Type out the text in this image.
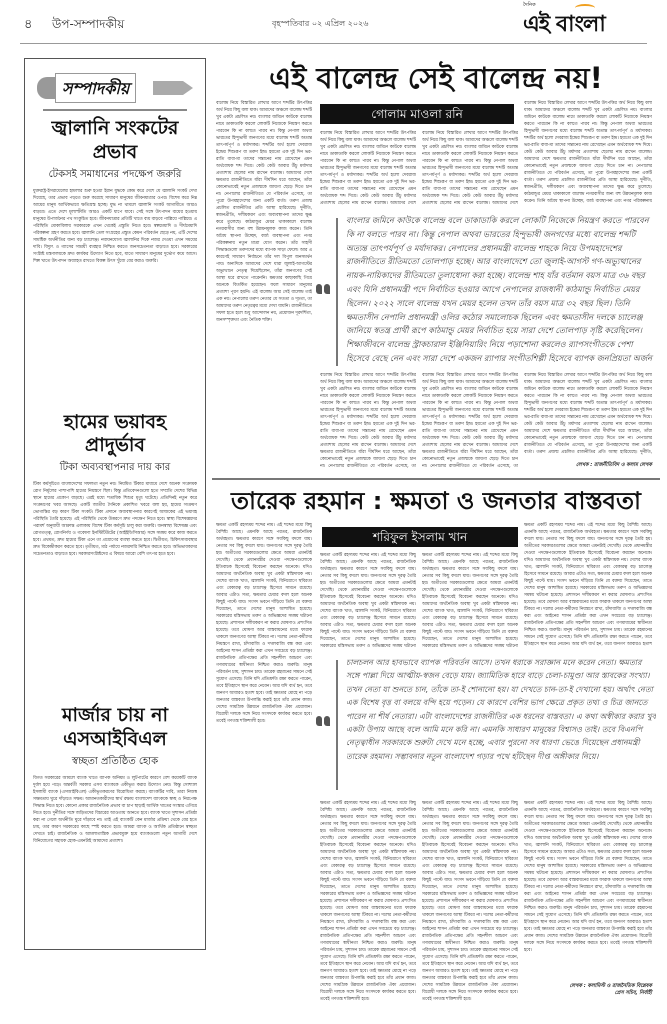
৪ উপ-সম্পাদকীয়	বৃহস্পতিবার ০২ এপ্রিল ২০২৬
দৈনিক
এই বাংলা
সম্পাদকীয়
জ্বালানি সংকটের প্রভাব
টেকসই সমাধানের পদক্ষেপ জরুরি
যুক্তরাষ্ট্র-ইসরায়েলের হামলার শুরু হওয়া ইরান যুদ্ধকে কেন্দ্র করে দেশে যে জ্বালানি সংকট দেখা দিয়েছে, তার প্রভাব পড়তে শুরু করেছে সাধারণ মানুষের জীবনযাত্রার ওপর। বিশেষ করে নিম্ন আয়ের মানুষ আর্থিকভাবে ক্ষতিগ্রস্ত হচ্ছে। যুদ্ধ না থামলে জ্বালানি সংকট আগামীতে আরও বাড়বে। এতে দেশে মূল্যস্ফীতি আরও একটি ধাপে যাবে। সেই সঙ্গে উৎপাদন ব্যয়ের হওয়ায় মানুষের উপার্জনের পথ সংকুচিত হবে। জীবনযাত্রার প্রতিটি খাতে ব্যয় বাড়বে পাল্লিয়ে পাল্লিয়ে। এ পরিস্থিতি মোকাবিলায় সরকারকে এখন থেকেই প্রস্তুতি নিতে হবে। স্বল্পমেয়াদি ও দীর্ঘমেয়াদি পরিকল্পনা গ্রহণ করতে হবে। জ্বালানি তেল সংগ্রহের প্রস্তুত কেমন পরিবর্তন ছেড়ে নয়, এটি দেশের সামষ্টিক অর্থনীতির জন্য বড় চ্যালেঞ্জ। নবায়নযোগ্য জ্বালানির দিকে নজর দেওয়া এখন সময়ের দাবি। বিদ্যুৎ ও গ্যাসের সাশ্রয়ী ব্যবহার নিশ্চিত করতে জনসচেতনতা বাড়াতে হবে। সরকারের সংশ্লিষ্ট মন্ত্রণালয়কে দ্রুত কার্যকর উদ্যোগ নিতে হবে, যাতে সাধারণ মানুষের দুর্ভোগ কমে আসে। শিল্প খাতে উৎপাদন অব্যাহত রাখতে বিকল্প উৎস খুঁজে বের করাও জরুরি।
হামের ভয়াবহ প্রাদুর্ভাব
টিকা অব্যবস্থাপনার দায় কার
টিকা কর্মসূচিতে বাংলাদেশের সফলতা নতুন নয়। নিয়মিত টিকার মাধ্যমে দেশে অনেক সংক্রামক রোগ নির্মূলের পাশাপাশি হামের নিয়ন্ত্রণে ছিল। কিন্তু প্রতিবেদনগুলো হতে সম্প্রতি দেশের বিভিন্ন স্থানে হামের প্রকোপ বাড়ছে। এরই মধ্যে শতাধিক শিশুর মৃত্যু ঘটেছে। প্রতিদিনই নতুন করে সংক্রমণের খবর আসছে। একটি জাতীয় দৈনিকে প্রকাশিত খবরে বলা হয়, হামের সংক্রমণ ভোগান্তির বড় কারণ টিকা সংকট। টিকা প্রদানে অব্যবস্থাপনার কারণেই আজকের এই ভয়াবহ পরিস্থিতি তৈরি হয়েছে। এই পরিস্থিতি থেকে উত্তরণে দ্রুত পদক্ষেপ নিতে হবে। স্বাস্থ্য বিশেষজ্ঞদের পরামর্শ অনুযায়ী আক্রান্ত এলাকায় বিশেষ টিকা কর্মসূচি চালু করা জরুরি। জনস্বাস্থ্য বিশেষজ্ঞ এবং রোগতত্ত্ব, রোগনির্ণয় ও গবেষণা ইনস্টিটিউটের (আইইডিসিআর) সঙ্গে সমন্বয় করে কাজ করতে হবে। প্রথমত, দ্রুত হামের টিকা এনে তা প্রয়োগের ব্যবস্থা করতে হবে। দ্বিতীয়ত, চিকিৎসাব্যবস্থার দ্রুত বিকেন্দ্রীকরণ করতে হবে। তৃতীয়ত, মাঠ পর্যায়ে নজরদারি নিশ্চিত করতে হবে। অভিভাবকদের সচেতনতাও বাড়াতে হবে। সরকারসংশ্লিষ্টদের এ বিষয়ে আরো বেশি তৎপর হতে হবে।
মার্জার চায় না এসআইবিএল
স্বচ্ছতা প্রতিষ্ঠিত হোক
বিগত সরকারের আমলে ব্যাংক খাতে ব্যাপক অনিয়ম ও লুটপাটের কারণে বেশ কয়েকটি ব্যাংক দুর্বল হয়ে পড়ে। অন্তর্বর্তী সরকার এসব ব্যাংককে একীভূত করার উদ্যোগ নেয়। কিন্তু সোশ্যাল ইসলামী ব্যাংক (এসআইবিএল) একীভূতকরণের বিরোধিতা করছে। ব্যাংকটির দাবি, তারা নিজস্ব সক্ষমতায় ঘুরে দাঁড়াতে সক্ষম। আমানতকারীদের স্বার্থ রক্ষায় বাংলাদেশ ব্যাংককে স্বচ্ছ ও নিরপেক্ষ সিদ্ধান্ত নিতে হবে। কোনো প্রকার রাজনৈতিক প্রভাব বা চাপ ছাড়াই আর্থিক খাতের সংস্কার এগিয়ে নিতে হবে। দুর্নীতির সঙ্গে জড়িতদের বিচারের আওতায় আনতে হবে। ব্যাংক খাতে সুশাসন প্রতিষ্ঠা করা না গেলে অর্থনীতি ঘুরে দাঁড়াবে না। তাই এই ব্যাংকটি কেন মার্জার প্রক্রিয়া থেকে বের হতে চায়, তার কারণ সরকারের কাছে স্পষ্ট করতে হবে। আমরা ব্যাংক ও আর্থিক প্রতিষ্ঠানে স্বচ্ছতা দেখতে চাই। রাজনৈতিক ও আমলাতান্ত্রিক প্রভাবমুক্ত হয়ে ব্যাংকগুলো নতুন আগামী দেশে বিনিয়োগের সহায়ক হোক-এমনটাই আমাদের প্রত্যাশা।
এই বালেন্দ্র সেই বালেন্দ্র নয়!
গোলাম মাওলা রনি
বালেন্দ্র নিয়ে বিস্তারিত লেখার আগে শব্দটির উৎপত্তির অর্থ নিয়ে কিছু বলা যাক। আমাদের অঞ্চলে বালেন্দ্র শব্দটি খুব একটা প্রচলিত নয়। বাংলার জমিনে কাউকে বালেন্দ্র নামে ডাকাডাকি করলে লোকটি নিজেকে নিয়ন্ত্রণ করতে পারবেন কি না বলতে পারব না। কিন্তু নেপাল অথবা ভারতের হিন্দুভাষী জনগণের মধ্যে বালেন্দ্র শব্দটি অত্যন্ত তাৎপর্যপূর্ণ ও মর্যাদাকর। শব্দটির অর্থ হলো দেবরাজ ইন্দ্রের শিশুরূপ বা তরুণ ইন্দ্র। হয়তো এক দুই দিন ভর-রাতি বাবা-মা তাদের সন্তানের নাম রেখেছেন এমন অর্থবোধক শব্দ দিয়ে। কেউ কেউ আবার উঁচু মর্যাদার প্রত্যাশায় ছেলের নাম রাখেন বালেন্দ্র। আমাদের দেশে ক্ষমতার রাজনীতিতে যাঁরা দীর্ঘদিন ধরে আছেন, তাঁরা কোনোভাবেই নতুন প্রজন্মকে জায়গা ছেড়ে দিতে চান না। নেপালের রাজনীতিতে যে পরিবর্তন এসেছে, তা পুরো উপমহাদেশের জন্য একটি বার্তা। তরুণ প্রজন্ম প্রচলিত রাজনীতির প্রতি আস্থা হারিয়েছে। দুর্নীতি, স্বজনপ্রীতি, দলীয়করণ এবং অব্যবস্থাপনা তাদের ক্ষুব্ধ করে তুলেছে। কাঠমান্ডুর মেয়র থাকাকালে বালেন্দ্র নগরবাসীর জন্য বহু উন্নয়নমূলক কাজ করেন। তিনি অবৈধ স্থাপনা উচ্ছেদ, বর্জ্য ব্যবস্থাপনা এবং নগর পরিকল্পনায় নতুন মাত্রা যোগ করেন। তাঁর সাহসী সিদ্ধান্তগুলো তরুণদের মধ্যে ব্যাপক সাড়া ফেলে। আর এ কারণেই সাধারণ নির্বাচনে তাঁর দল বিপুল জনসমর্থন পায়। অন্যদিকে আমাদের দেশে যারা জুলাই-আগস্টের অভ্যুত্থানে নেতৃত্ব দিয়েছিলেন, তাঁরা জনগণের সেই আস্থা ধরে রাখতে পারেননি। ক্ষমতার কাছাকাছি গিয়ে অনেকে বিতর্কিত হয়েছেন। ফলে সাধারণ মানুষের প্রত্যাশা পূরণ হয়নি। এই বালেন্দ্র আর সেই বালেন্দ্র তাই এক নয়। নেপালের তরুণ নেতার যে সততা ও দৃঢ়তা, তা আমাদের তরুণ নেতৃত্বের মধ্যে দেখা যায়নি। রাজনীতিতে সফল হতে হলে শুধু আন্দোলন নয়, প্রয়োজন দূরদর্শিতা, জনসম্পৃক্ততা এবং নৈতিক শক্তি।
বালেন্দ্র নিয়ে বিস্তারিত লেখার আগে শব্দটির উৎপত্তির অর্থ নিয়ে কিছু বলা যাক। আমাদের অঞ্চলে বালেন্দ্র শব্দটি খুব একটা প্রচলিত নয়। বাংলার জমিনে কাউকে বালেন্দ্র নামে ডাকাডাকি করলে লোকটি নিজেকে নিয়ন্ত্রণ করতে পারবেন কি না বলতে পারব না। কিন্তু নেপাল অথবা ভারতের হিন্দুভাষী জনগণের মধ্যে বালেন্দ্র শব্দটি অত্যন্ত তাৎপর্যপূর্ণ ও মর্যাদাকর। শব্দটির অর্থ হলো দেবরাজ ইন্দ্রের শিশুরূপ বা তরুণ ইন্দ্র। হয়তো এক দুই দিন ভর-রাতি বাবা-মা তাদের সন্তানের নাম রেখেছেন এমন অর্থবোধক শব্দ দিয়ে। কেউ কেউ আবার উঁচু মর্যাদার প্রত্যাশায় ছেলের নাম রাখেন বালেন্দ্র। আমাদের দেশে
বালেন্দ্র নিয়ে বিস্তারিত লেখার আগে শব্দটির উৎপত্তির অর্থ নিয়ে কিছু বলা যাক। আমাদের অঞ্চলে বালেন্দ্র শব্দটি খুব একটা প্রচলিত নয়। বাংলার জমিনে কাউকে বালেন্দ্র নামে ডাকাডাকি করলে লোকটি নিজেকে নিয়ন্ত্রণ করতে পারবেন কি না বলতে পারব না। কিন্তু নেপাল অথবা ভারতের হিন্দুভাষী জনগণের মধ্যে বালেন্দ্র শব্দটি অত্যন্ত তাৎপর্যপূর্ণ ও মর্যাদাকর। শব্দটির অর্থ হলো দেবরাজ ইন্দ্রের শিশুরূপ বা তরুণ ইন্দ্র। হয়তো এক দুই দিন ভর-রাতি বাবা-মা তাদের সন্তানের নাম রেখেছেন এমন অর্থবোধক শব্দ দিয়ে। কেউ কেউ আবার উঁচু মর্যাদার প্রত্যাশায় ছেলের নাম রাখেন বালেন্দ্র। আমাদের দেশে
বালেন্দ্র নিয়ে বিস্তারিত লেখার আগে শব্দটির উৎপত্তির অর্থ নিয়ে কিছু বলা যাক। আমাদের অঞ্চলে বালেন্দ্র শব্দটি খুব একটা প্রচলিত নয়। বাংলার জমিনে কাউকে বালেন্দ্র নামে ডাকাডাকি করলে লোকটি নিজেকে নিয়ন্ত্রণ করতে পারবেন কি না বলতে পারব না। কিন্তু নেপাল অথবা ভারতের হিন্দুভাষী জনগণের মধ্যে বালেন্দ্র শব্দটি অত্যন্ত তাৎপর্যপূর্ণ ও মর্যাদাকর। শব্দটির অর্থ হলো দেবরাজ ইন্দ্রের শিশুরূপ বা তরুণ ইন্দ্র। হয়তো এক দুই দিন ভর-রাতি বাবা-মা তাদের সন্তানের নাম রেখেছেন এমন অর্থবোধক শব্দ দিয়ে। কেউ কেউ আবার উঁচু মর্যাদার প্রত্যাশায় ছেলের নাম রাখেন বালেন্দ্র। আমাদের দেশে ক্ষমতার রাজনীতিতে যাঁরা দীর্ঘদিন ধরে আছেন, তাঁরা কোনোভাবেই নতুন প্রজন্মকে জায়গা ছেড়ে দিতে চান না। নেপালের রাজনীতিতে যে পরিবর্তন এসেছে, তা পুরো উপমহাদেশের জন্য একটি বার্তা। তরুণ প্রজন্ম প্রচলিত রাজনীতির প্রতি আস্থা হারিয়েছে। দুর্নীতি, স্বজনপ্রীতি, দলীয়করণ এবং অব্যবস্থাপনা তাদের ক্ষুব্ধ করে তুলেছে। কাঠমান্ডুর মেয়র থাকাকালে বালেন্দ্র নগরবাসীর জন্য বহু উন্নয়নমূলক কাজ করেন। তিনি অবৈধ স্থাপনা উচ্ছেদ, বর্জ্য ব্যবস্থাপনা এবং নগর পরিকল্পনায়
বাংলার জমিনে কাউকে বালেন্দ্র বলে ডাকাডাকি করলে লোকটি নিজেকে নিয়ন্ত্রণ করতে পারবেন কি না বলতে পারব না। কিন্তু নেপাল অথবা ভারতের হিন্দুভাষী জনগণের মধ্যে বালেন্দ্র শব্দটি অত্যন্ত তাৎপর্যপূর্ণ ও মর্যাদাকর। নেপালের প্রধানমন্ত্রী বালেন্দ্র শাহকে নিয়ে উপমহাদেশের রাজনীতিতে রীতিমতো তোলপাড় হচ্ছে। আর বাংলাদেশে তো জুলাই-আগস্ট গণ-অভ্যুত্থানের নায়ক-নায়িকাদের রীতিমতো তুলাধোনা করা হচ্ছে। বালেন্দ্র শাহ যাঁর বর্তমান বয়স মাত্র ৩৬ বছর এবং যিনি প্রধানমন্ত্রী পদে নির্বাচিত হওয়ার আগে নেপালের রাজধানী কাঠমান্ডু নির্বাচিত মেয়র ছিলেন। ২০২২ সালে বালেন্দ্র যখন মেয়র হলেন তখন তাঁর বয়স মাত্র ৩২ বছর ছিল। তিনি ক্ষমতাসীন নেপালি প্রধানমন্ত্রী ওলির কঠোর সমালোচক ছিলেন এবং ক্ষমতাসীন দলকে চ্যালেঞ্জ জানিয়ে স্বতন্ত্র প্রার্থী রূপে কাঠমান্ডু মেয়র নির্বাচিত হয়ে সারা দেশে তোলপাড় সৃষ্টি করেছিলেন। শিক্ষাজীবনে বালেন্দ্র স্ট্রাকচারাল ইঞ্জিনিয়ারিং নিয়ে পড়াশোনা করলেও র‍্যাপসংগীতকে পেশা হিসেবে বেছে নেন এবং সারা দেশে একজন র‍্যাপার সংগীতশিল্পী হিসেবে ব্যাপক জনপ্রিয়তা অর্জন
বালেন্দ্র নিয়ে বিস্তারিত লেখার আগে শব্দটির উৎপত্তির অর্থ নিয়ে কিছু বলা যাক। আমাদের অঞ্চলে বালেন্দ্র শব্দটি খুব একটা প্রচলিত নয়। বাংলার জমিনে কাউকে বালেন্দ্র নামে ডাকাডাকি করলে লোকটি নিজেকে নিয়ন্ত্রণ করতে পারবেন কি না বলতে পারব না। কিন্তু নেপাল অথবা ভারতের হিন্দুভাষী জনগণের মধ্যে বালেন্দ্র শব্দটি অত্যন্ত তাৎপর্যপূর্ণ ও মর্যাদাকর। শব্দটির অর্থ হলো দেবরাজ ইন্দ্রের শিশুরূপ বা তরুণ ইন্দ্র। হয়তো এক দুই দিন ভর-রাতি বাবা-মা তাদের সন্তানের নাম রেখেছেন এমন অর্থবোধক শব্দ দিয়ে। কেউ কেউ আবার উঁচু মর্যাদার প্রত্যাশায় ছেলের নাম রাখেন বালেন্দ্র। আমাদের দেশে ক্ষমতার রাজনীতিতে যাঁরা দীর্ঘদিন ধরে আছেন, তাঁরা কোনোভাবেই নতুন প্রজন্মকে জায়গা ছেড়ে দিতে চান না। নেপালের রাজনীতিতে যে পরিবর্তন এসেছে, তা
বালেন্দ্র নিয়ে বিস্তারিত লেখার আগে শব্দটির উৎপত্তির অর্থ নিয়ে কিছু বলা যাক। আমাদের অঞ্চলে বালেন্দ্র শব্দটি খুব একটা প্রচলিত নয়। বাংলার জমিনে কাউকে বালেন্দ্র নামে ডাকাডাকি করলে লোকটি নিজেকে নিয়ন্ত্রণ করতে পারবেন কি না বলতে পারব না। কিন্তু নেপাল অথবা ভারতের হিন্দুভাষী জনগণের মধ্যে বালেন্দ্র শব্দটি অত্যন্ত তাৎপর্যপূর্ণ ও মর্যাদাকর। শব্দটির অর্থ হলো দেবরাজ ইন্দ্রের শিশুরূপ বা তরুণ ইন্দ্র। হয়তো এক দুই দিন ভর-রাতি বাবা-মা তাদের সন্তানের নাম রেখেছেন এমন অর্থবোধক শব্দ দিয়ে। কেউ কেউ আবার উঁচু মর্যাদার প্রত্যাশায় ছেলের নাম রাখেন বালেন্দ্র। আমাদের দেশে ক্ষমতার রাজনীতিতে যাঁরা দীর্ঘদিন ধরে আছেন, তাঁরা কোনোভাবেই নতুন প্রজন্মকে জায়গা ছেড়ে দিতে চান না। নেপালের রাজনীতিতে যে পরিবর্তন এসেছে, তা
বালেন্দ্র নিয়ে বিস্তারিত লেখার আগে শব্দটির উৎপত্তির অর্থ নিয়ে কিছু বলা যাক। আমাদের অঞ্চলে বালেন্দ্র শব্দটি খুব একটা প্রচলিত নয়। বাংলার জমিনে কাউকে বালেন্দ্র নামে ডাকাডাকি করলে লোকটি নিজেকে নিয়ন্ত্রণ করতে পারবেন কি না বলতে পারব না। কিন্তু নেপাল অথবা ভারতের হিন্দুভাষী জনগণের মধ্যে বালেন্দ্র শব্দটি অত্যন্ত তাৎপর্যপূর্ণ ও মর্যাদাকর। শব্দটির অর্থ হলো দেবরাজ ইন্দ্রের শিশুরূপ বা তরুণ ইন্দ্র। হয়তো এক দুই দিন ভর-রাতি বাবা-মা তাদের সন্তানের নাম রেখেছেন এমন অর্থবোধক শব্দ দিয়ে। কেউ কেউ আবার উঁচু মর্যাদার প্রত্যাশায় ছেলের নাম রাখেন বালেন্দ্র। আমাদের দেশে ক্ষমতার রাজনীতিতে যাঁরা দীর্ঘদিন ধরে আছেন, তাঁরা কোনোভাবেই নতুন প্রজন্মকে জায়গা ছেড়ে দিতে চান না। নেপালের রাজনীতিতে যে পরিবর্তন এসেছে, তা পুরো উপমহাদেশের জন্য একটি বার্তা। তরুণ প্রজন্ম প্রচলিত রাজনীতির প্রতি আস্থা হারিয়েছে। দুর্নীতি,
লেখক : রাজনীতিবিদ ও কলাম লেখক
তারেক রহমান : ক্ষমতা ও জনতার বাস্তবতা
শরিফুল ইসলাম খান
ক্ষমতা একটি রহস্যময় শব্দের নাম। এই শব্দের মধ্যে কিছু বৈশিষ্ট্য আছে। এমনকি আছে পরতর, রাজনৈতিক অর্থবহতা। ক্ষমতার কারণে সঙ্গে সবকিছু বদলে যায়। নেতার সব কিছু বদলে যায়। জনগণের সঙ্গে দূরত্ব তৈরি হয়। অতীতের সরকারগুলোর ক্ষেত্রে আমরা এমনটাই দেখেছি। থেকে প্রধানমন্ত্রীর দেওয়া পদক্ষেপগুলোকে ইতিবাচক হিসেবেই বিবেচনা করছেন অনেকে। যদিও আমাদের অর্থনৈতিক অবস্থা খুব একটা স্বস্তিদায়ক নয়। দেশের ব্যাংক খাত, জ্বালানি সংকট, বিনিয়োগে স্থবিরতা এবং বেকারত্ব বড় চ্যালেঞ্জ হিসেবে সামনে রয়েছে। আবার এটাও সত্য, ক্ষমতার চেয়ার বদল হলে অনেক কিছুই পাল্টে যায়। সংসদ ভবনে দাঁড়িয়ে তিনি যে বক্তব্য দিয়েছেন, তাতে দেশের মানুষ আশান্বিত হয়েছে। সরকারের মন্ত্রিসভায় তরুণ ও অভিজ্ঞদের সমন্বয় ঘটানো হয়েছে। প্রশাসনে দলীয়করণ না করার ঘোষণাও প্রশংসিত হয়েছে। তবে ঘোষণা আর বাস্তবায়নের মধ্যে ফারাক থাকলে জনগণের আস্থা টিকবে না। দলের নেতা-কর্মীদের নিয়ন্ত্রণে রাখা, চাঁদাবাজি ও দখলবাজি বন্ধ করা এবং আইনের শাসন প্রতিষ্ঠা করা এখন সবচেয়ে বড় চ্যালেঞ্জ। রাজনৈতিক প্রতিপক্ষের প্রতি সহনশীল আচরণ এবং গণমাধ্যমের স্বাধীনতা নিশ্চিত করাও জরুরি। মানুষ পরিবর্তন চায়, সুশাসন চায়। তারেক রহমানের সামনে সেই সুযোগ এসেছে। তিনি যদি প্রতিশ্রুতি রক্ষা করতে পারেন, তবে ইতিহাসে স্থান করে নেবেন। আর যদি ব্যর্থ হন, তবে জনগণ আবারও হতাশ হবে। তাই ক্ষমতার মোহে না পড়ে জনতার বাস্তবতা উপলব্ধি করাই হবে তাঁর প্রধান কাজ। দেশের সামগ্রিক উন্নয়নে রাজনৈতিক ঐক্য প্রয়োজন। বিরোধী দলকে সঙ্গে নিয়ে সংসদকে কার্যকর করতে হবে। তবেই গণতন্ত্র শক্তিশালী হবে।
ক্ষমতা একটি রহস্যময় শব্দের নাম। এই শব্দের মধ্যে কিছু বৈশিষ্ট্য আছে। এমনকি আছে পরতর, রাজনৈতিক অর্থবহতা। ক্ষমতার কারণে সঙ্গে সবকিছু বদলে যায়। নেতার সব কিছু বদলে যায়। জনগণের সঙ্গে দূরত্ব তৈরি হয়। অতীতের সরকারগুলোর ক্ষেত্রে আমরা এমনটাই দেখেছি। থেকে প্রধানমন্ত্রীর দেওয়া পদক্ষেপগুলোকে ইতিবাচক হিসেবেই বিবেচনা করছেন অনেকে। যদিও আমাদের অর্থনৈতিক অবস্থা খুব একটা স্বস্তিদায়ক নয়। দেশের ব্যাংক খাত, জ্বালানি সংকট, বিনিয়োগে স্থবিরতা এবং বেকারত্ব বড় চ্যালেঞ্জ হিসেবে সামনে রয়েছে। আবার এটাও সত্য, ক্ষমতার চেয়ার বদল হলে অনেক কিছুই পাল্টে যায়। সংসদ ভবনে দাঁড়িয়ে তিনি যে বক্তব্য দিয়েছেন, তাতে দেশের মানুষ আশান্বিত হয়েছে। সরকারের মন্ত্রিসভায় তরুণ ও অভিজ্ঞদের সমন্বয় ঘটানো
ক্ষমতা একটি রহস্যময় শব্দের নাম। এই শব্দের মধ্যে কিছু বৈশিষ্ট্য আছে। এমনকি আছে পরতর, রাজনৈতিক অর্থবহতা। ক্ষমতার কারণে সঙ্গে সবকিছু বদলে যায়। নেতার সব কিছু বদলে যায়। জনগণের সঙ্গে দূরত্ব তৈরি হয়। অতীতের সরকারগুলোর ক্ষেত্রে আমরা এমনটাই দেখেছি। থেকে প্রধানমন্ত্রীর দেওয়া পদক্ষেপগুলোকে ইতিবাচক হিসেবেই বিবেচনা করছেন অনেকে। যদিও আমাদের অর্থনৈতিক অবস্থা খুব একটা স্বস্তিদায়ক নয়। দেশের ব্যাংক খাত, জ্বালানি সংকট, বিনিয়োগে স্থবিরতা এবং বেকারত্ব বড় চ্যালেঞ্জ হিসেবে সামনে রয়েছে। আবার এটাও সত্য, ক্ষমতার চেয়ার বদল হলে অনেক কিছুই পাল্টে যায়। সংসদ ভবনে দাঁড়িয়ে তিনি যে বক্তব্য দিয়েছেন, তাতে দেশের মানুষ আশান্বিত হয়েছে। সরকারের মন্ত্রিসভায় তরুণ ও অভিজ্ঞদের সমন্বয় ঘটানো
ক্ষমতা একটি রহস্যময় শব্দের নাম। এই শব্দের মধ্যে কিছু বৈশিষ্ট্য আছে। এমনকি আছে পরতর, রাজনৈতিক অর্থবহতা। ক্ষমতার কারণে সঙ্গে সবকিছু বদলে যায়। নেতার সব কিছু বদলে যায়। জনগণের সঙ্গে দূরত্ব তৈরি হয়। অতীতের সরকারগুলোর ক্ষেত্রে আমরা এমনটাই দেখেছি। থেকে প্রধানমন্ত্রীর দেওয়া পদক্ষেপগুলোকে ইতিবাচক হিসেবেই বিবেচনা করছেন অনেকে। যদিও আমাদের অর্থনৈতিক অবস্থা খুব একটা স্বস্তিদায়ক নয়। দেশের ব্যাংক খাত, জ্বালানি সংকট, বিনিয়োগে স্থবিরতা এবং বেকারত্ব বড় চ্যালেঞ্জ হিসেবে সামনে রয়েছে। আবার এটাও সত্য, ক্ষমতার চেয়ার বদল হলে অনেক কিছুই পাল্টে যায়। সংসদ ভবনে দাঁড়িয়ে তিনি যে বক্তব্য দিয়েছেন, তাতে দেশের মানুষ আশান্বিত হয়েছে। সরকারের মন্ত্রিসভায় তরুণ ও অভিজ্ঞদের সমন্বয় ঘটানো হয়েছে। প্রশাসনে দলীয়করণ না করার ঘোষণাও প্রশংসিত হয়েছে। তবে ঘোষণা আর বাস্তবায়নের মধ্যে ফারাক থাকলে জনগণের আস্থা টিকবে না। দলের নেতা-কর্মীদের নিয়ন্ত্রণে রাখা, চাঁদাবাজি ও দখলবাজি বন্ধ করা এবং আইনের শাসন প্রতিষ্ঠা করা এখন সবচেয়ে বড় চ্যালেঞ্জ। রাজনৈতিক প্রতিপক্ষের প্রতি সহনশীল আচরণ এবং গণমাধ্যমের স্বাধীনতা নিশ্চিত করাও জরুরি। মানুষ পরিবর্তন চায়, সুশাসন চায়। তারেক রহমানের সামনে সেই সুযোগ এসেছে। তিনি যদি প্রতিশ্রুতি রক্ষা করতে পারেন, তবে ইতিহাসে স্থান করে নেবেন। আর যদি ব্যর্থ হন, তবে জনগণ আবারও হতাশ
চালচলন আর হাবভাবে ব্যাপক পরিবর্তন আসে। তখন ধরাকে সরাজ্ঞান মনে করেন নেতা। ক্ষমতার সঙ্গে পাল্লা দিয়ে আত্মীয়-স্বজন বেড়ে যায়। জ্যামিতিক হারে বাড়ে চেলা-চামুণ্ডা আর স্তাবকের সংখ্যা। তখন নেতা যা শুনতে চান, তাঁকে তা-ই শোনানো হয়। যা দেখতে চান-তা-ই দেখানো হয়। অর্থাৎ নেতা এক বিশেষ বৃত্ত বা বলয়ে বন্দি হয়ে পড়েন। যে কারণে বেশির ভাগ ক্ষেত্রে প্রকৃত তথ্য ও চিত্র জানতে পারেন না শীর্ষ নেতারা। এটা বাংলাদেশের রাজনীতির এক ধরনের বাস্তবতা। এ কথা অস্বীকার করার খুব একটা উপায় আছে বলে আমি মনে করি না। এমনকি সাধারণ মানুষের বিশ্বাসও তাই। তবে বিএনপি নেতৃত্বাধীন সরকারকে শুরুটা দেখে মনে হচ্ছে, এবার পুরনো সব ধারণা ভেঙে দিয়েছেন প্রধানমন্ত্রী তারেক রহমান। সম্ভাবনার নতুন বাংলাদেশ গড়ার পথে হাঁটছেন দীপ্ত অঙ্গীকার নিয়ে।
ক্ষমতা একটি রহস্যময় শব্দের নাম। এই শব্দের মধ্যে কিছু বৈশিষ্ট্য আছে। এমনকি আছে পরতর, রাজনৈতিক অর্থবহতা। ক্ষমতার কারণে সঙ্গে সবকিছু বদলে যায়। নেতার সব কিছু বদলে যায়। জনগণের সঙ্গে দূরত্ব তৈরি হয়। অতীতের সরকারগুলোর ক্ষেত্রে আমরা এমনটাই দেখেছি। থেকে প্রধানমন্ত্রীর দেওয়া পদক্ষেপগুলোকে ইতিবাচক হিসেবেই বিবেচনা করছেন অনেকে। যদিও আমাদের অর্থনৈতিক অবস্থা খুব একটা স্বস্তিদায়ক নয়। দেশের ব্যাংক খাত, জ্বালানি সংকট, বিনিয়োগে স্থবিরতা এবং বেকারত্ব বড় চ্যালেঞ্জ হিসেবে সামনে রয়েছে। আবার এটাও সত্য, ক্ষমতার চেয়ার বদল হলে অনেক কিছুই পাল্টে যায়। সংসদ ভবনে দাঁড়িয়ে তিনি যে বক্তব্য দিয়েছেন, তাতে দেশের মানুষ আশান্বিত হয়েছে। সরকারের মন্ত্রিসভায় তরুণ ও অভিজ্ঞদের সমন্বয় ঘটানো হয়েছে। প্রশাসনে দলীয়করণ না করার ঘোষণাও প্রশংসিত হয়েছে। তবে ঘোষণা আর বাস্তবায়নের মধ্যে ফারাক থাকলে জনগণের আস্থা টিকবে না। দলের নেতা-কর্মীদের নিয়ন্ত্রণে রাখা, চাঁদাবাজি ও দখলবাজি বন্ধ করা এবং আইনের শাসন প্রতিষ্ঠা করা এখন সবচেয়ে বড় চ্যালেঞ্জ। রাজনৈতিক প্রতিপক্ষের প্রতি সহনশীল আচরণ এবং গণমাধ্যমের স্বাধীনতা নিশ্চিত করাও জরুরি। মানুষ পরিবর্তন চায়, সুশাসন চায়। তারেক রহমানের সামনে সেই সুযোগ এসেছে। তিনি যদি প্রতিশ্রুতি রক্ষা করতে পারেন, তবে ইতিহাসে স্থান করে নেবেন। আর যদি ব্যর্থ হন, তবে জনগণ আবারও হতাশ হবে। তাই ক্ষমতার মোহে না পড়ে জনতার বাস্তবতা উপলব্ধি করাই হবে তাঁর প্রধান কাজ। দেশের সামগ্রিক উন্নয়নে রাজনৈতিক ঐক্য প্রয়োজন। বিরোধী দলকে সঙ্গে নিয়ে সংসদকে কার্যকর করতে হবে। তবেই গণতন্ত্র শক্তিশালী হবে।
ক্ষমতা একটি রহস্যময় শব্দের নাম। এই শব্দের মধ্যে কিছু বৈশিষ্ট্য আছে। এমনকি আছে পরতর, রাজনৈতিক অর্থবহতা। ক্ষমতার কারণে সঙ্গে সবকিছু বদলে যায়। নেতার সব কিছু বদলে যায়। জনগণের সঙ্গে দূরত্ব তৈরি হয়। অতীতের সরকারগুলোর ক্ষেত্রে আমরা এমনটাই দেখেছি। থেকে প্রধানমন্ত্রীর দেওয়া পদক্ষেপগুলোকে ইতিবাচক হিসেবেই বিবেচনা করছেন অনেকে। যদিও আমাদের অর্থনৈতিক অবস্থা খুব একটা স্বস্তিদায়ক নয়। দেশের ব্যাংক খাত, জ্বালানি সংকট, বিনিয়োগে স্থবিরতা এবং বেকারত্ব বড় চ্যালেঞ্জ হিসেবে সামনে রয়েছে। আবার এটাও সত্য, ক্ষমতার চেয়ার বদল হলে অনেক কিছুই পাল্টে যায়। সংসদ ভবনে দাঁড়িয়ে তিনি যে বক্তব্য দিয়েছেন, তাতে দেশের মানুষ আশান্বিত হয়েছে। সরকারের মন্ত্রিসভায় তরুণ ও অভিজ্ঞদের সমন্বয় ঘটানো হয়েছে। প্রশাসনে দলীয়করণ না করার ঘোষণাও প্রশংসিত হয়েছে। তবে ঘোষণা আর বাস্তবায়নের মধ্যে ফারাক থাকলে জনগণের আস্থা টিকবে না। দলের নেতা-কর্মীদের নিয়ন্ত্রণে রাখা, চাঁদাবাজি ও দখলবাজি বন্ধ করা এবং আইনের শাসন প্রতিষ্ঠা করা এখন সবচেয়ে বড় চ্যালেঞ্জ। রাজনৈতিক প্রতিপক্ষের প্রতি সহনশীল আচরণ এবং গণমাধ্যমের স্বাধীনতা নিশ্চিত করাও জরুরি। মানুষ পরিবর্তন চায়, সুশাসন চায়। তারেক রহমানের সামনে সেই সুযোগ এসেছে। তিনি যদি প্রতিশ্রুতি রক্ষা করতে পারেন, তবে ইতিহাসে স্থান করে নেবেন। আর যদি ব্যর্থ হন, তবে জনগণ আবারও হতাশ হবে। তাই ক্ষমতার মোহে না পড়ে জনতার বাস্তবতা উপলব্ধি করাই হবে তাঁর প্রধান কাজ। দেশের সামগ্রিক উন্নয়নে রাজনৈতিক ঐক্য প্রয়োজন। বিরোধী দলকে সঙ্গে নিয়ে সংসদকে কার্যকর করতে হবে। তবেই গণতন্ত্র শক্তিশালী হবে।
ক্ষমতা একটি রহস্যময় শব্দের নাম। এই শব্দের মধ্যে কিছু বৈশিষ্ট্য আছে। এমনকি আছে পরতর, রাজনৈতিক অর্থবহতা। ক্ষমতার কারণে সঙ্গে সবকিছু বদলে যায়। নেতার সব কিছু বদলে যায়। জনগণের সঙ্গে দূরত্ব তৈরি হয়। অতীতের সরকারগুলোর ক্ষেত্রে আমরা এমনটাই দেখেছি। থেকে প্রধানমন্ত্রীর দেওয়া পদক্ষেপগুলোকে ইতিবাচক হিসেবেই বিবেচনা করছেন অনেকে। যদিও আমাদের অর্থনৈতিক অবস্থা খুব একটা স্বস্তিদায়ক নয়। দেশের ব্যাংক খাত, জ্বালানি সংকট, বিনিয়োগে স্থবিরতা এবং বেকারত্ব বড় চ্যালেঞ্জ হিসেবে সামনে রয়েছে। আবার এটাও সত্য, ক্ষমতার চেয়ার বদল হলে অনেক কিছুই পাল্টে যায়। সংসদ ভবনে দাঁড়িয়ে তিনি যে বক্তব্য দিয়েছেন, তাতে দেশের মানুষ আশান্বিত হয়েছে। সরকারের মন্ত্রিসভায় তরুণ ও অভিজ্ঞদের সমন্বয় ঘটানো হয়েছে। প্রশাসনে দলীয়করণ না করার ঘোষণাও প্রশংসিত হয়েছে। তবে ঘোষণা আর বাস্তবায়নের মধ্যে ফারাক থাকলে জনগণের আস্থা টিকবে না। দলের নেতা-কর্মীদের নিয়ন্ত্রণে রাখা, চাঁদাবাজি ও দখলবাজি বন্ধ করা এবং আইনের শাসন প্রতিষ্ঠা করা এখন সবচেয়ে বড় চ্যালেঞ্জ। রাজনৈতিক প্রতিপক্ষের প্রতি সহনশীল আচরণ এবং গণমাধ্যমের স্বাধীনতা নিশ্চিত করাও জরুরি। মানুষ পরিবর্তন চায়, সুশাসন চায়। তারেক রহমানের সামনে সেই সুযোগ এসেছে। তিনি যদি প্রতিশ্রুতি রক্ষা করতে পারেন, তবে ইতিহাসে স্থান করে নেবেন। আর যদি ব্যর্থ হন, তবে জনগণ আবারও হতাশ হবে। তাই ক্ষমতার মোহে না পড়ে জনতার বাস্তবতা উপলব্ধি করাই হবে তাঁর প্রধান কাজ। দেশের সামগ্রিক উন্নয়নে রাজনৈতিক ঐক্য প্রয়োজন। বিরোধী দলকে সঙ্গে নিয়ে সংসদকে কার্যকর করতে হবে। তবেই গণতন্ত্র শক্তিশালী হবে।
লেখক : কলামিস্ট ও রাজনৈতিক বিশ্লেষক
প্রেস সচিব, নির্বাহী
